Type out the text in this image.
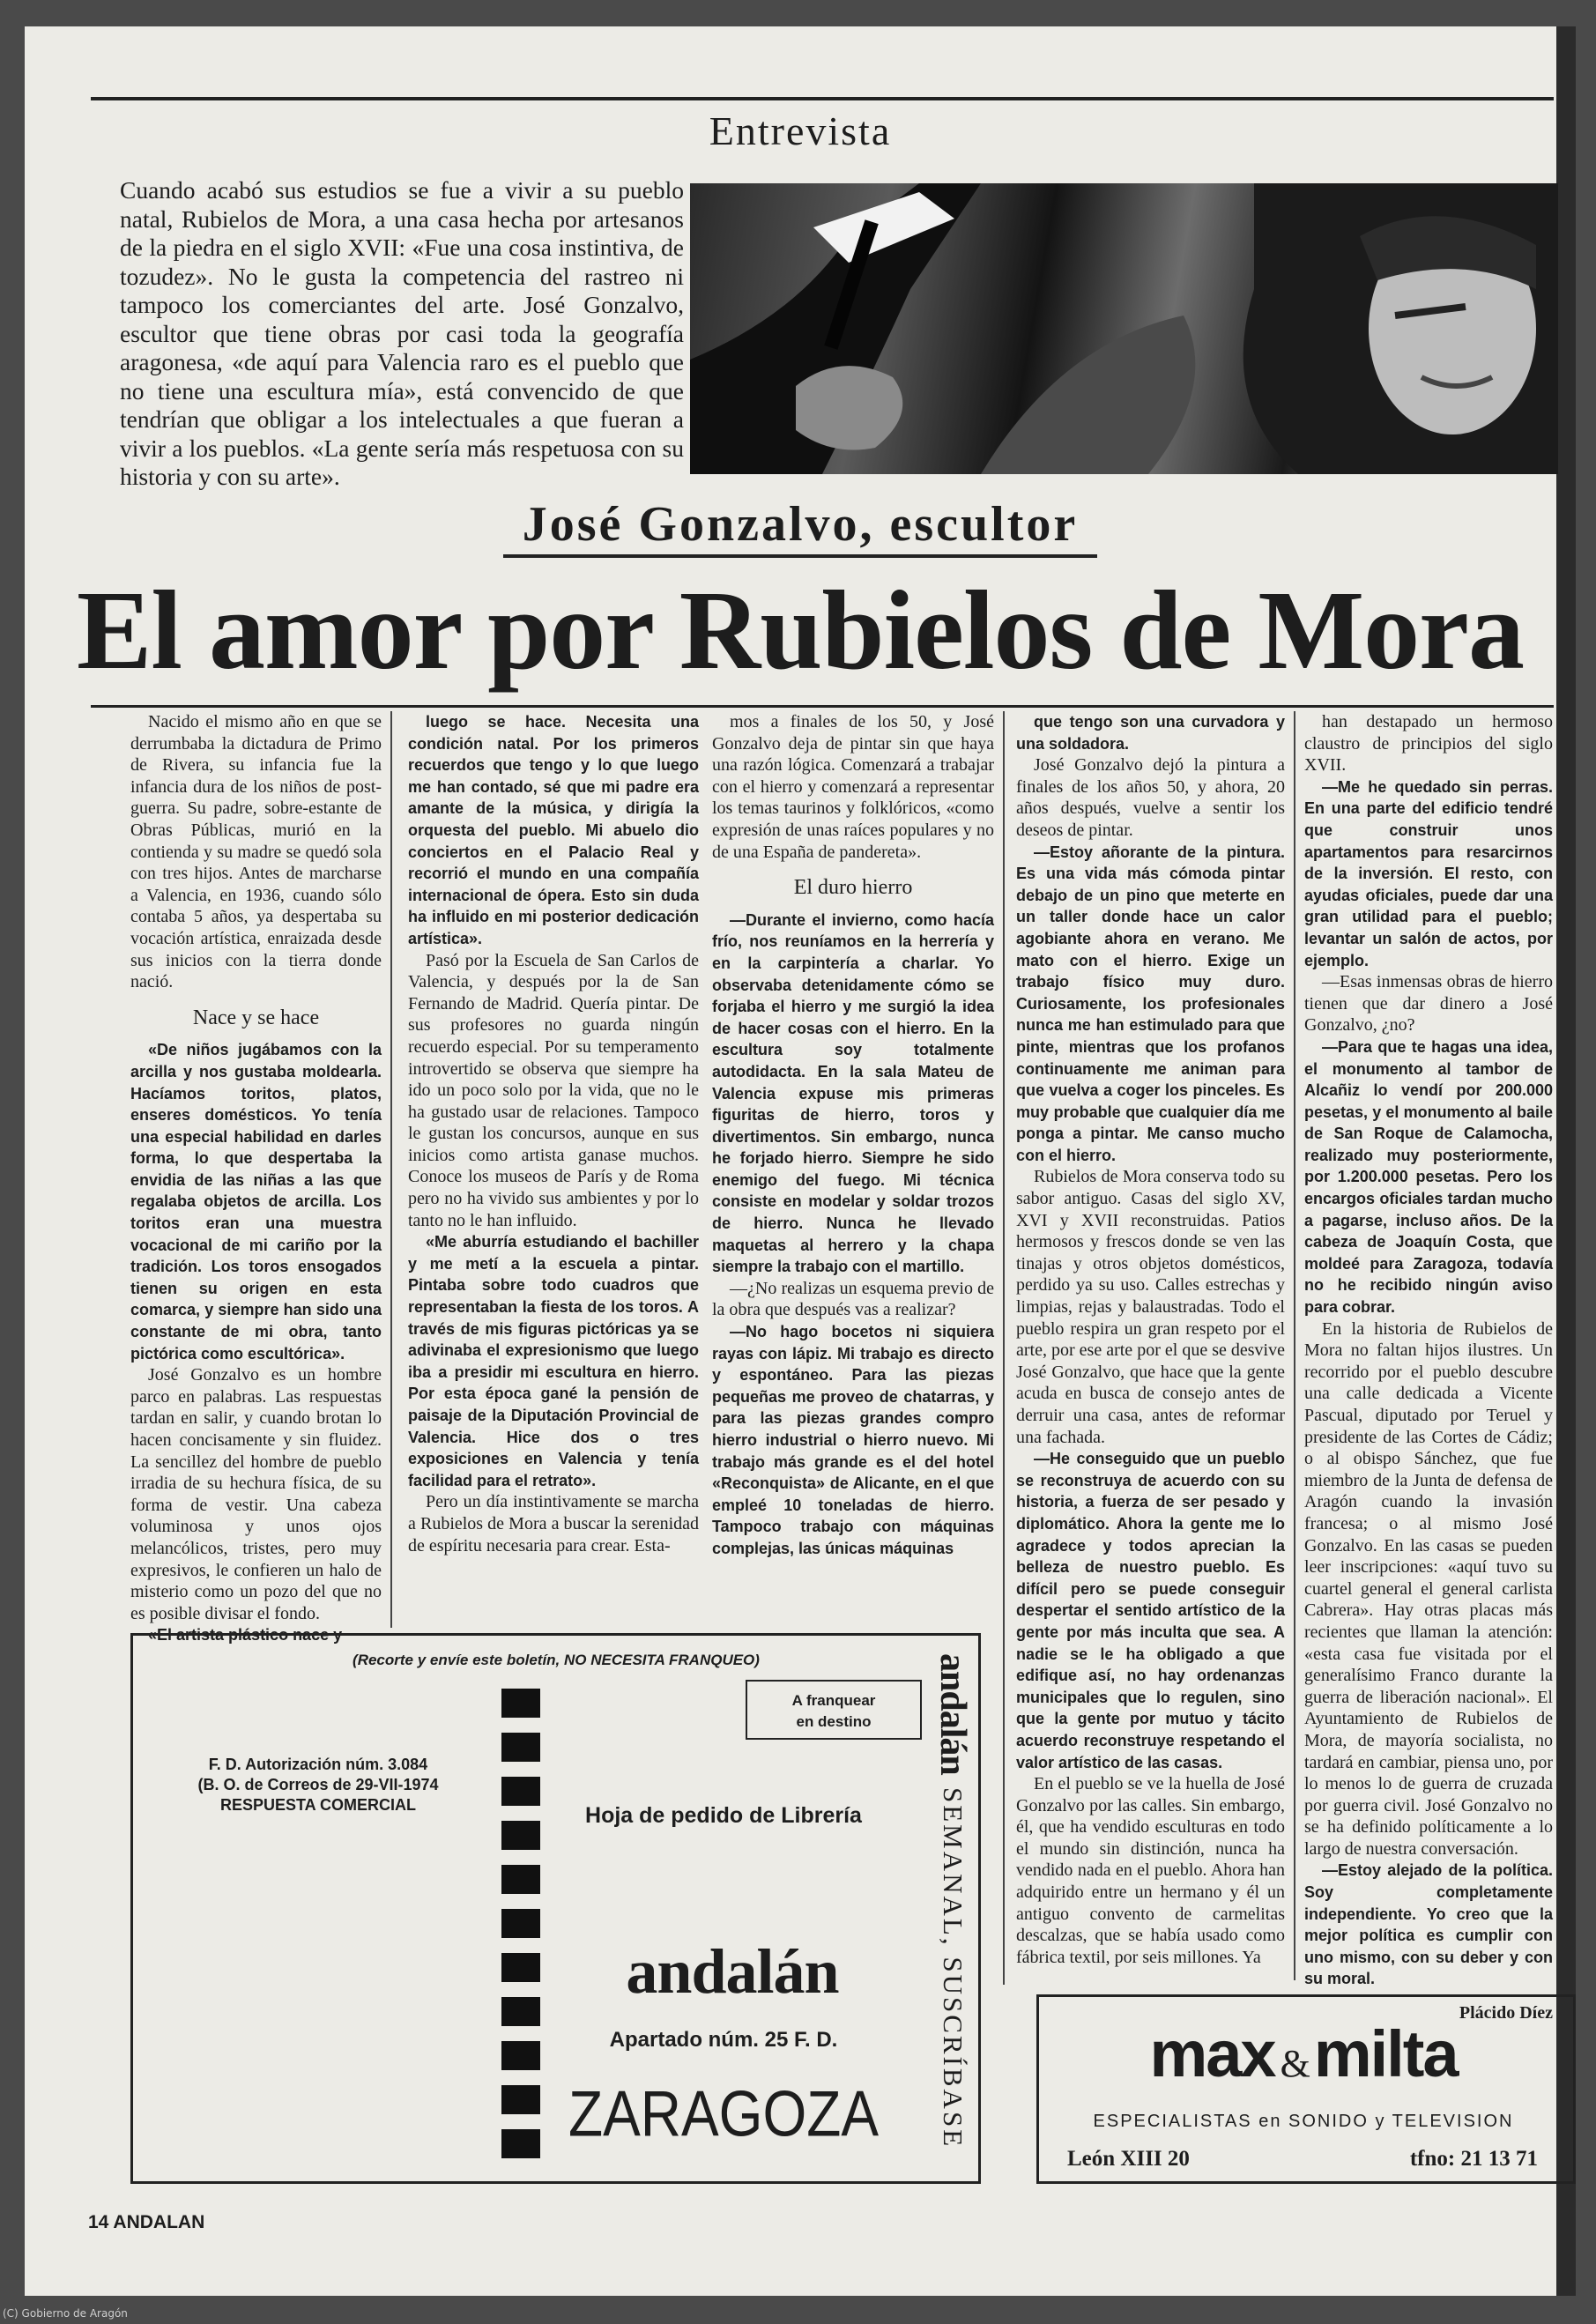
Entrevista

Cuando acabó sus estudios se fue a vivir a su pueblo natal, Rubielos de Mora, a una casa hecha por artesanos de la piedra en el siglo XVII: «Fue una cosa instintiva, de tozudez». No le gusta la competencia del rastreo ni tampoco los comerciantes del arte. José Gonzalvo, escultor que tiene obras por casi toda la geografía aragonesa, «de aquí para Valencia raro es el pueblo que no tiene una escultura mía», está convencido de que tendrían que obligar a los intelectuales a que fueran a vivir a los pueblos. «La gente sería más respetuosa con su historia y con su arte».

José Gonzalvo, escultor
El amor por Rubielos de Mora

Nacido el mismo año en que se derrumbaba la dictadura de Primo de Rivera, su infancia fue la infancia dura de los niños de post-guerra. Su padre, sobre-estante de Obras Públicas, murió en la contienda y su madre se quedó sola con tres hijos. Antes de marcharse a Valencia, en 1936, cuando sólo contaba 5 años, ya despertaba su vocación artística, enraizada desde sus inicios con la tierra donde nació.

Nace y se hace

«De niños jugábamos con la arcilla y nos gustaba moldearla. Hacíamos toritos, platos, enseres domésticos. Yo tenía una especial habilidad en darles forma, lo que despertaba la envidia de las niñas a las que regalaba objetos de arcilla. Los toritos eran una muestra vocacional de mi cariño por la tradición. Los toros ensogados tienen su origen en esta comarca, y siempre han sido una constante de mi obra, tanto pictórica como escultórica».

José Gonzalvo es un hombre parco en palabras. Las respuestas tardan en salir, y cuando brotan lo hacen concisamente y sin fluidez. La sencillez del hombre de pueblo irradia de su hechura física, de su forma de vestir. Una cabeza voluminosa y unos ojos melancólicos, tristes, pero muy expresivos, le confieren un halo de misterio como un pozo del que no es posible divisar el fondo.

«El artista plástico nace y

luego se hace. Necesita una condición natal. Por los primeros recuerdos que tengo y lo que luego me han contado, sé que mi padre era amante de la música, y dirigía la orquesta del pueblo. Mi abuelo dio conciertos en el Palacio Real y recorrió el mundo en una compañía internacional de ópera. Esto sin duda ha influido en mi posterior dedicación artística».

Pasó por la Escuela de San Carlos de Valencia, y después por la de San Fernando de Madrid. Quería pintar. De sus profesores no guarda ningún recuerdo especial. Por su temperamento introvertido se observa que siempre ha ido un poco solo por la vida, que no le ha gustado usar de relaciones. Tampoco le gustan los concursos, aunque en sus inicios como artista ganase muchos. Conoce los museos de París y de Roma pero no ha vivido sus ambientes y por lo tanto no le han influido.

«Me aburría estudiando el bachiller y me metí a la escuela a pintar. Pintaba sobre todo cuadros que representaban la fiesta de los toros. A través de mis figuras pictóricas ya se adivinaba el expresionismo que luego iba a presidir mi escultura en hierro. Por esta época gané la pensión de paisaje de la Diputación Provincial de Valencia. Hice dos o tres exposiciones en Valencia y tenía facilidad para el retrato».

Pero un día instintivamente se marcha a Rubielos de Mora a buscar la serenidad de espíritu necesaria para crear. Esta-

mos a finales de los 50, y José Gonzalvo deja de pintar sin que haya una razón lógica. Comenzará a trabajar con el hierro y comenzará a representar los temas taurinos y folklóricos, «como expresión de unas raíces populares y no de una España de pandereta».

El duro hierro

—Durante el invierno, como hacía frío, nos reuníamos en la herrería y en la carpintería a charlar. Yo observaba detenidamente cómo se forjaba el hierro y me surgió la idea de hacer cosas con el hierro. En la escultura soy totalmente autodidacta. En la sala Mateu de Valencia expuse mis primeras figuritas de hierro, toros y divertimentos. Sin embargo, nunca he forjado hierro. Siempre he sido enemigo del fuego. Mi técnica consiste en modelar y soldar trozos de hierro. Nunca he llevado maquetas al herrero y la chapa siempre la trabajo con el martillo.

—¿No realizas un esquema previo de la obra que después vas a realizar?

—No hago bocetos ni siquiera rayas con lápiz. Mi trabajo es directo y espontáneo. Para las piezas pequeñas me proveo de chatarras, y para las piezas grandes compro hierro industrial o hierro nuevo. Mi trabajo más grande es el del hotel «Reconquista» de Alicante, en el que empleé 10 toneladas de hierro. Tampoco trabajo con máquinas complejas, las únicas máquinas

que tengo son una curvadora y una soldadora.

José Gonzalvo dejó la pintura a finales de los años 50, y ahora, 20 años después, vuelve a sentir los deseos de pintar.

—Estoy añorante de la pintura. Es una vida más cómoda pintar debajo de un pino que meterte en un taller donde hace un calor agobiante ahora en verano. Me mato con el hierro. Exige un trabajo físico muy duro. Curiosamente, los profesionales nunca me han estimulado para que pinte, mientras que los profanos continuamente me animan para que vuelva a coger los pinceles. Es muy probable que cualquier día me ponga a pintar. Me canso mucho con el hierro.

Rubielos de Mora conserva todo su sabor antiguo. Casas del siglo XV, XVI y XVII reconstruidas. Patios hermosos y frescos donde se ven las tinajas y otros objetos domésticos, perdido ya su uso. Calles estrechas y limpias, rejas y balaustradas. Todo el pueblo respira un gran respeto por el arte, por ese arte por el que se desvive José Gonzalvo, que hace que la gente acuda en busca de consejo antes de derruir una casa, antes de reformar una fachada.

—He conseguido que un pueblo se reconstruya de acuerdo con su historia, a fuerza de ser pesado y diplomático. Ahora la gente me lo agradece y todos aprecian la belleza de nuestro pueblo. Es difícil pero se puede conseguir despertar el sentido artístico de la gente por más inculta que sea. A nadie se le ha obligado a que edifique así, no hay ordenanzas municipales que lo regulen, sino que la gente por mutuo y tácito acuerdo reconstruye respetando el valor artístico de las casas.

En el pueblo se ve la huella de José Gonzalvo por las calles. Sin embargo, él, que ha vendido esculturas en todo el mundo sin distinción, nunca ha vendido nada en el pueblo. Ahora han adquirido entre un hermano y él un antiguo convento de carmelitas descalzas, que se había usado como fábrica textil, por seis millones. Ya

han destapado un hermoso claustro de principios del siglo XVII.

—Me he quedado sin perras. En una parte del edificio tendré que construir unos apartamentos para resarcirnos de la inversión. El resto, con ayudas oficiales, puede dar una gran utilidad para el pueblo; levantar un salón de actos, por ejemplo.

—Esas inmensas obras de hierro tienen que dar dinero a José Gonzalvo, ¿no?

—Para que te hagas una idea, el monumento al tambor de Alcañiz lo vendí por 200.000 pesetas, y el monumento al baile de San Roque de Calamocha, realizado muy posteriormente, por 1.200.000 pesetas. Pero los encargos oficiales tardan mucho a pagarse, incluso años. De la cabeza de Joaquín Costa, que moldeé para Zaragoza, todavía no he recibido ningún aviso para cobrar.

En la historia de Rubielos de Mora no faltan hijos ilustres. Un recorrido por el pueblo descubre una calle dedicada a Vicente Pascual, diputado por Teruel y presidente de las Cortes de Cádiz; o al obispo Sánchez, que fue miembro de la Junta de defensa de Aragón cuando la invasión francesa; o al mismo José Gonzalvo. En las casas se pueden leer inscripciones: «aquí tuvo su cuartel general el general carlista Cabrera». Hay otras placas más recientes que llaman la atención: «esta casa fue visitada por el generalísimo Franco durante la guerra de liberación nacional». El Ayuntamiento de Rubielos de Mora, de mayoría socialista, no tardará en cambiar, piensa uno, por lo menos lo de guerra de cruzada por guerra civil. José Gonzalvo no se ha definido políticamente a lo largo de nuestra conversación.

—Estoy alejado de la política. Soy completamente independiente. Yo creo que la mejor política es cumplir con uno mismo, con su deber y con su moral.

Plácido Díez

(Recorte y envíe este boletín, NO NECESITA FRANQUEO)
F. D. Autorización núm. 3.084
(B. O. de Correos de 29-VII-1974
RESPUESTA COMERCIAL
A franquear
en destino
Hoja de pedido de Librería
andalán
Apartado núm. 25 F. D.
ZARAGOZA
andalán
SEMANAL, SUSCRÍBASE	max &milta
ESPECIALISTAS en SONIDO y TELEVISION
León XIII 20	tfno: 21 13 71
14 ANDALAN
(C) Gobierno de Aragón
